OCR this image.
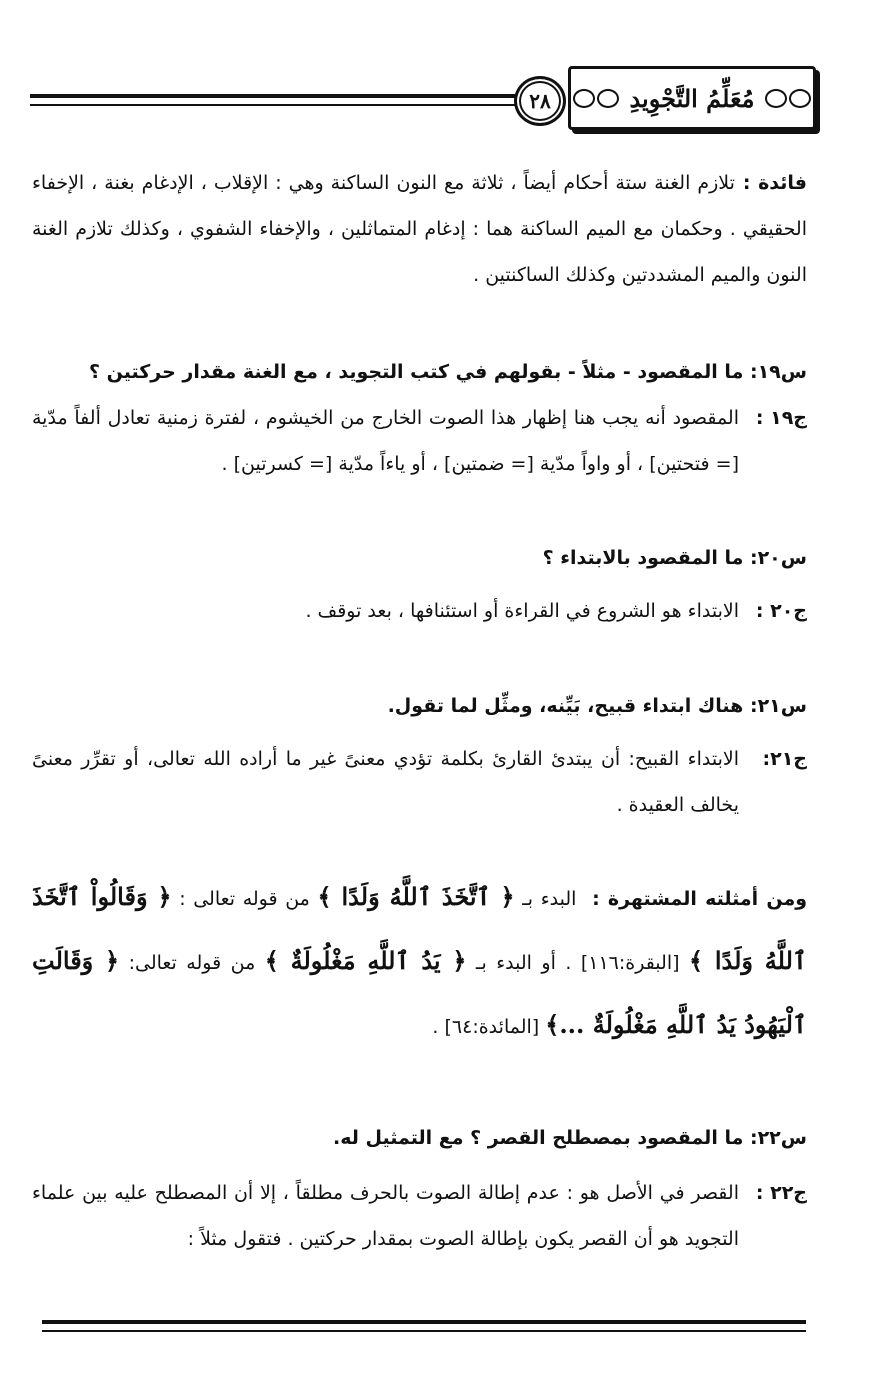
٢٨	مُعَلِّمُ التَّجْوِيدِ

فائدة :تلازم الغنة ستة أحكام أيضاً ، ثلاثة مع النون الساكنة وهي : الإقلاب ، الإدغام بغنة ، الإخفاء الحقيقي . وحكمان مع الميم الساكنة هما : إدغام المتماثلين ، والإخفاء الشفوي ، وكذلك تلازم الغنة النون والميم المشددتين وكذلك الساكنتين .

س١٩: ما المقصود - مثلاً - بقولهم في كتب التجويد ، مع الغنة مقدار حركتين ؟

ج١٩ :

المقصود أنه يجب هنا إظهار هذا الصوت الخارج من الخيشوم ، لفترة زمنية تعادل ألفاً مدّية [= فتحتين] ، أو واواً مدّية [= ضمتين] ، أو ياءاً مدّية [= كسرتين] .

س٢٠: ما المقصود بالابتداء ؟

ج٢٠ :

الابتداء هو الشروع في القراءة أو استئنافها ، بعد توقف .

س٢١: هناك ابتداء قبيح، بَيِّنه، ومثِّل لما تقول.

ج٢١:

الابتداء القبيح: أن يبتدئ القارئ بكلمة تؤدي معنىً غير ما أراده الله تعالى، أو تقرِّر معنىً يخالف العقيدة .

ومن أمثلته المشتهرة : البدء بـ ﴿ ٱتَّخَذَ ٱللَّهُ وَلَدًا ﴾ من قوله تعالى : ﴿ وَقَالُواْ ٱتَّخَذَ ٱللَّهُ وَلَدًا ﴾ [البقرة:١١٦] . أو البدء بـ ﴿ يَدُ ٱللَّهِ مَغْلُولَةٌ ﴾ من قوله تعالى: ﴿ وَقَالَتِ ٱلْيَهُودُ يَدُ ٱللَّهِ مَغْلُولَةٌ ...﴾ [المائدة:٦٤] .

س٢٢: ما المقصود بمصطلح القصر ؟ مع التمثيل له.

ج٢٢ :

القصر في الأصل هو : عدم إطالة الصوت بالحرف مطلقاً ، إلا أن المصطلح عليه بين علماء التجويد هو أن القصر يكون بإطالة الصوت بمقدار حركتين . فتقول مثلاً :
